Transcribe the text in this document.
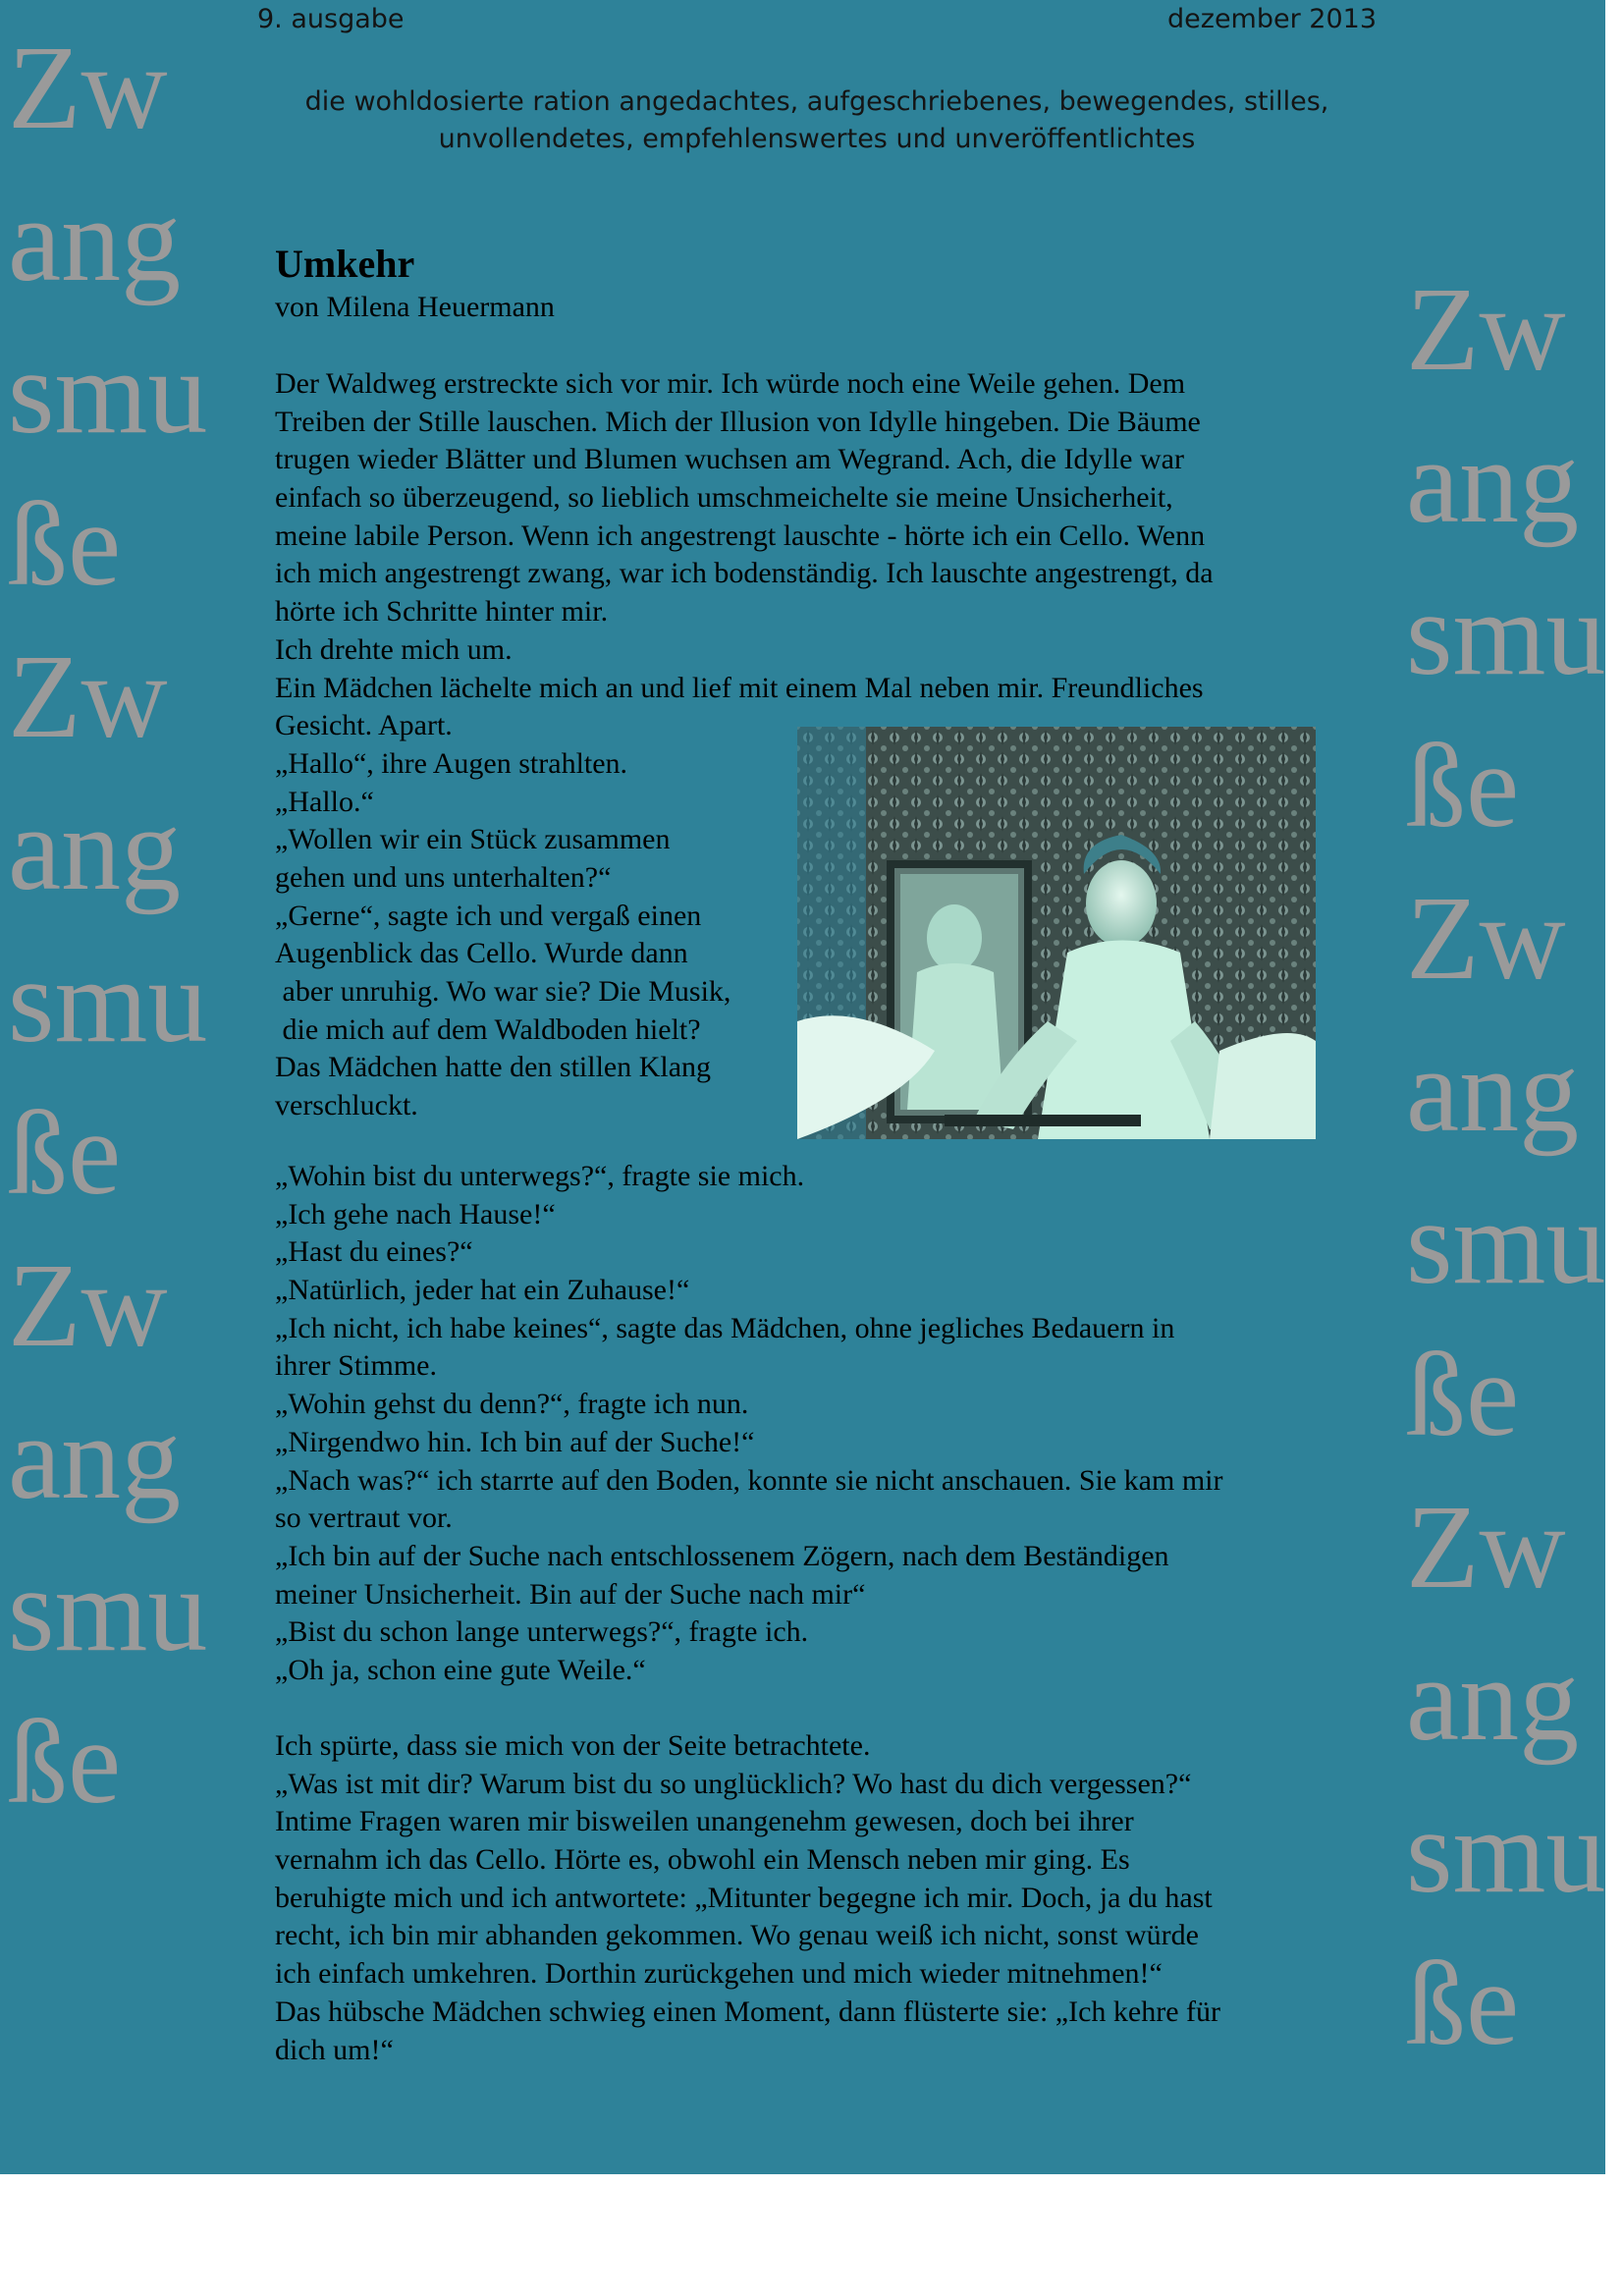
Zw
ang
smu
ße
Zw
ang
smu
ße
Zw
ang
smu
ße
Zw
ang
smu
ße
Zw
ang
smu
ße
Zw
ang
smu
ße
9. ausgabe	dezember 2013
die wohldosierte ration angedachtes, aufgeschriebenes, bewegendes, stilles,
unvollendetes, empfehlenswertes und unveröffentlichtes
Umkehr
von Milena Heuermann
Der Waldweg erstreckte sich vor mir. Ich würde noch eine Weile gehen. Dem
Treiben der Stille lauschen. Mich der Illusion von Idylle hingeben. Die Bäume
trugen wieder Blätter und Blumen wuchsen am Wegrand. Ach, die Idylle war
einfach so überzeugend, so lieblich umschmeichelte sie meine Unsicherheit,
meine labile Person. Wenn ich angestrengt lauschte - hörte ich ein Cello. Wenn
ich mich angestrengt zwang, war ich bodenständig. Ich lauschte angestrengt, da
hörte ich Schritte hinter mir.
Ich drehte mich um.
Ein Mädchen lächelte mich an und lief mit einem Mal neben mir. Freundliches
Gesicht. Apart.
„Hallo“, ihre Augen strahlten.
„Hallo.“
„Wollen wir ein Stück zusammen
gehen und uns unterhalten?“
„Gerne“, sagte ich und vergaß einen
Augenblick das Cello. Wurde dann
aber unruhig. Wo war sie? Die Musik,
die mich auf dem Waldboden hielt?
Das Mädchen hatte den stillen Klang
verschluckt.
„Wohin bist du unterwegs?“, fragte sie mich.
„Ich gehe nach Hause!“
„Hast du eines?“
„Natürlich, jeder hat ein Zuhause!“
„Ich nicht, ich habe keines“, sagte das Mädchen, ohne jegliches Bedauern in
ihrer Stimme.
„Wohin gehst du denn?“, fragte ich nun.
„Nirgendwo hin. Ich bin auf der Suche!“
„Nach was?“ ich starrte auf den Boden, konnte sie nicht anschauen. Sie kam mir
so vertraut vor.
„Ich bin auf der Suche nach entschlossenem Zögern, nach dem Beständigen
meiner Unsicherheit. Bin auf der Suche nach mir“
„Bist du schon lange unterwegs?“, fragte ich.
„Oh ja, schon eine gute Weile.“
Ich spürte, dass sie mich von der Seite betrachtete.
„Was ist mit dir? Warum bist du so unglücklich? Wo hast du dich vergessen?“
Intime Fragen waren mir bisweilen unangenehm gewesen, doch bei ihrer
vernahm ich das Cello. Hörte es, obwohl ein Mensch neben mir ging. Es
beruhigte mich und ich antwortete: „Mitunter begegne ich mir. Doch, ja du hast
recht, ich bin mir abhanden gekommen. Wo genau weiß ich nicht, sonst würde
ich einfach umkehren. Dorthin zurückgehen und mich wieder mitnehmen!“
Das hübsche Mädchen schwieg einen Moment, dann flüsterte sie: „Ich kehre für
dich um!“
